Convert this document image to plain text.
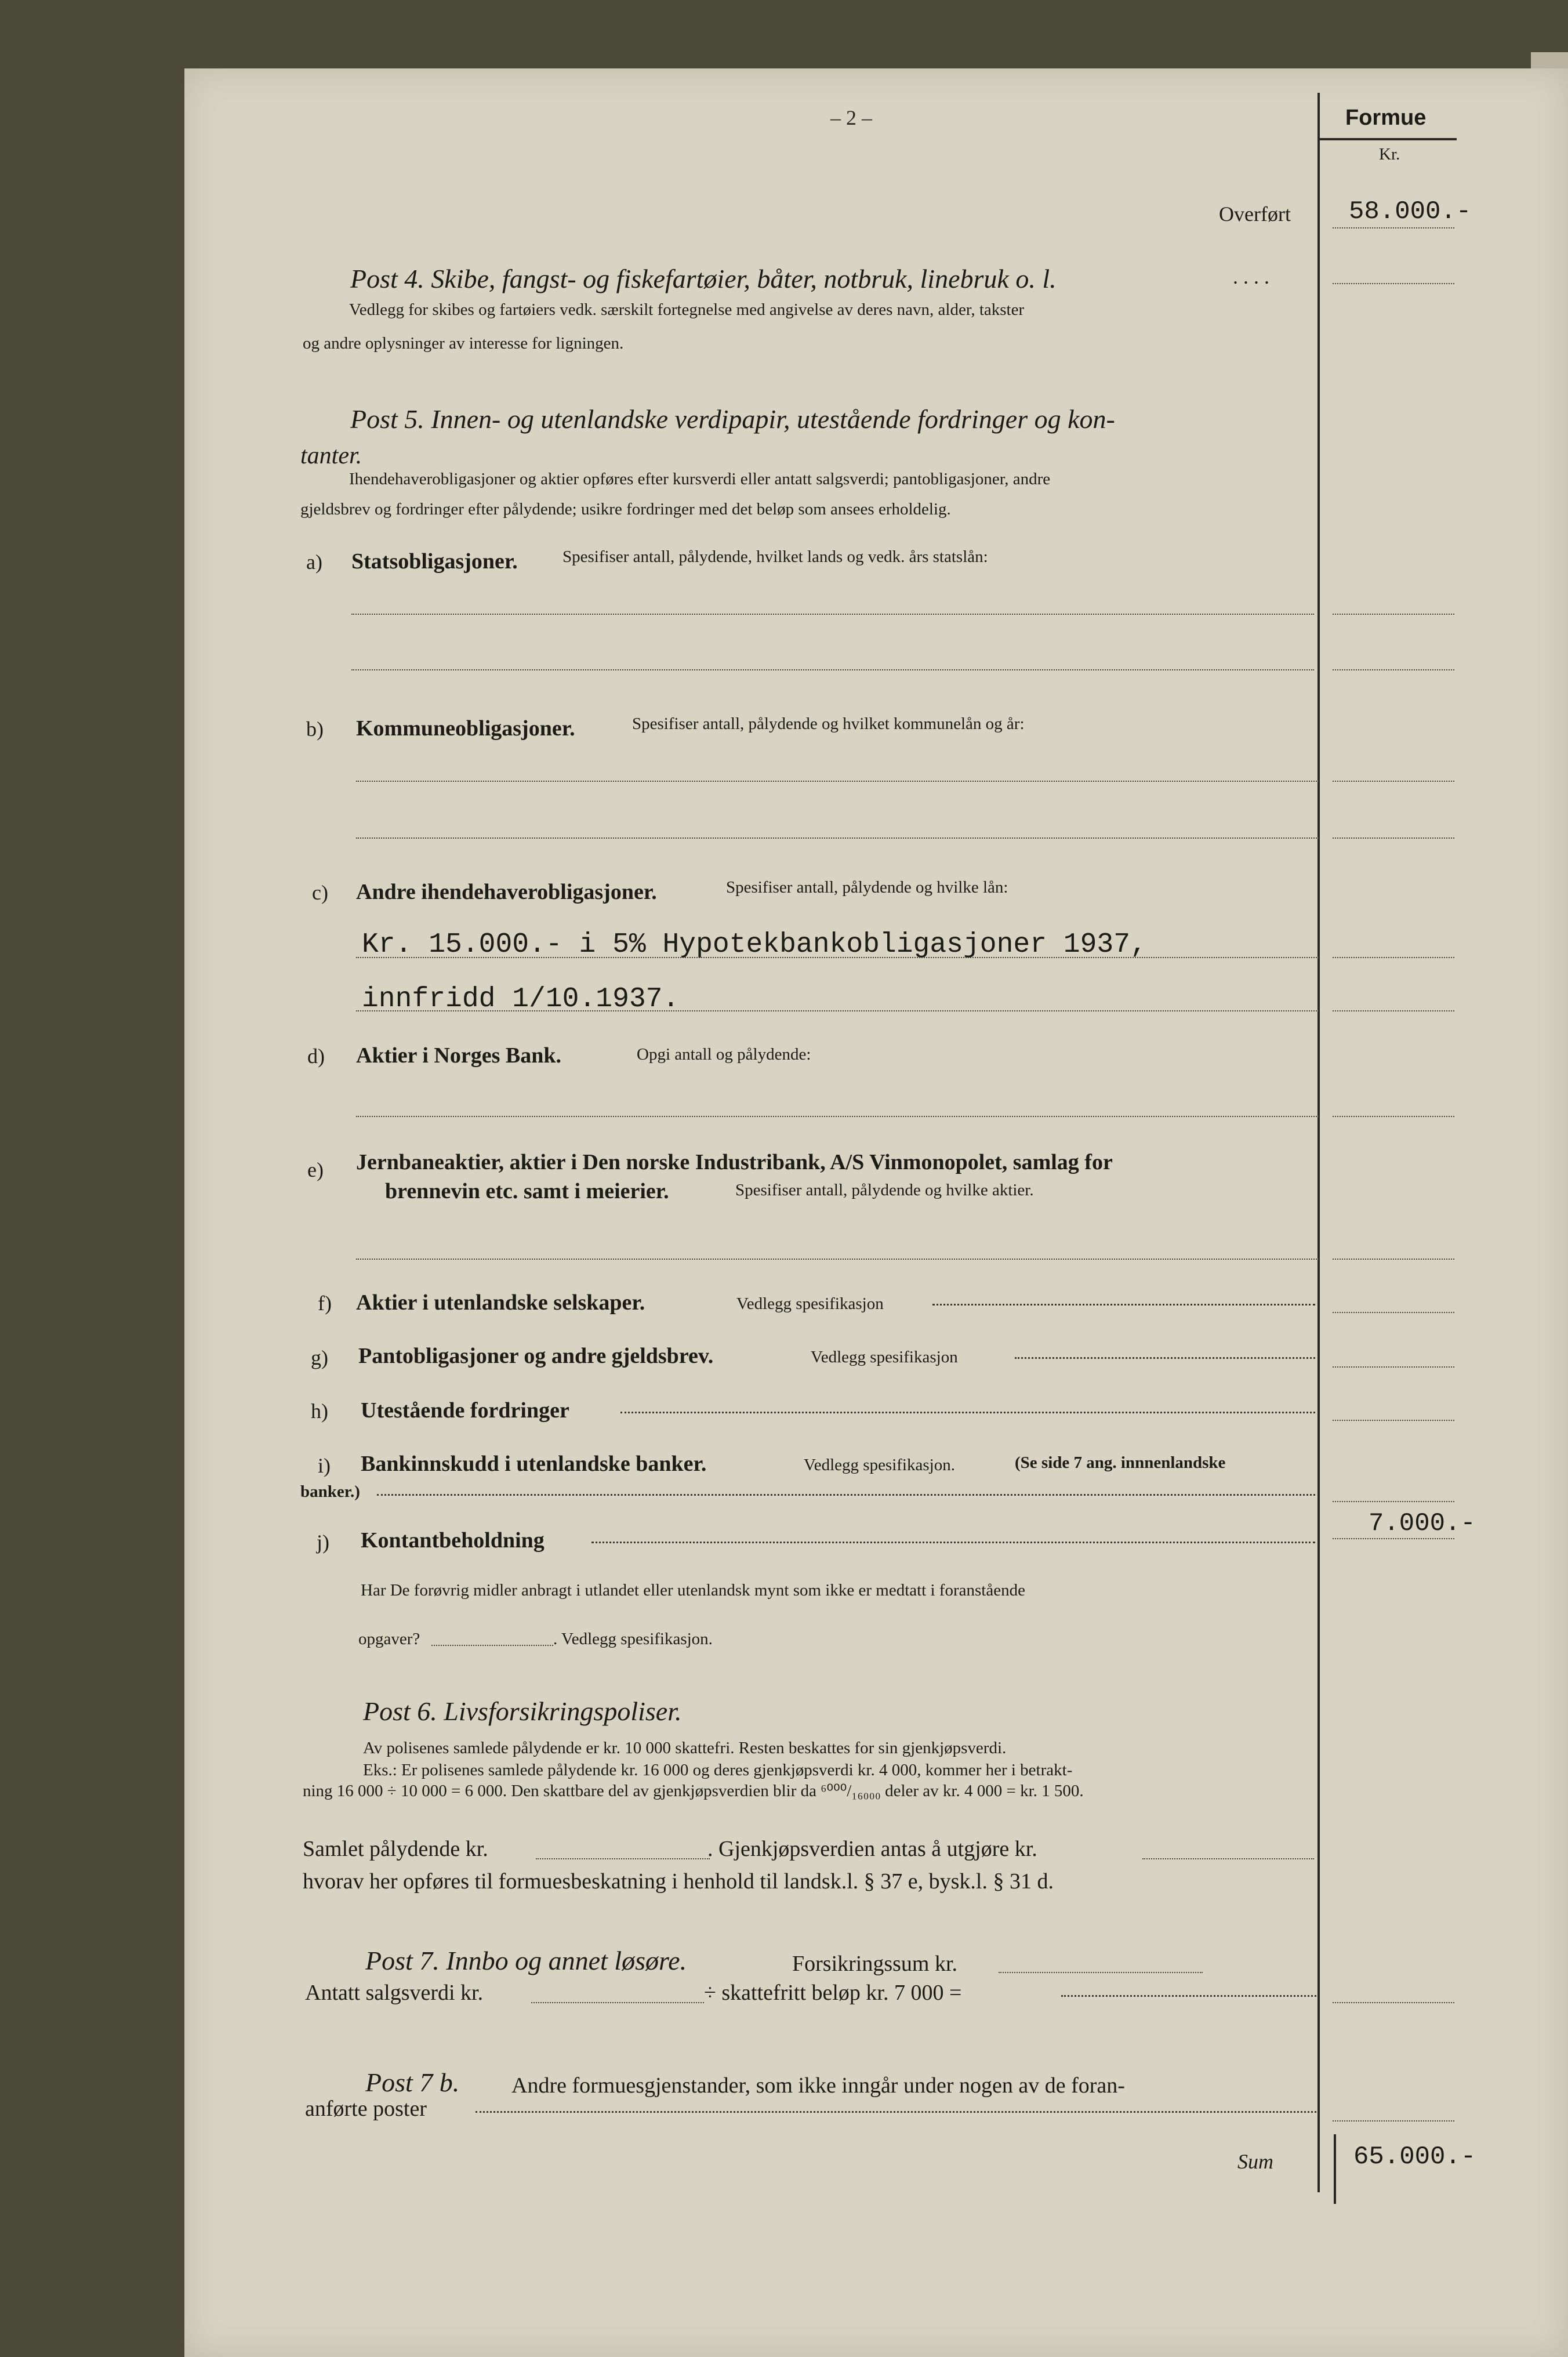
Formue
Kr.
– 2 –
Overført 58.000.-
Post 4. Skibe, fangst- og fiskefartøier, båter, notbruk, linebruk o. l.	. . . .
Vedlegg for skibes og fartøiers vedk. særskilt fortegnelse med angivelse av deres navn, alder, takster
og andre oplysninger av interesse for ligningen.
Post 5. Innen- og utenlandske verdipapir, utestående fordringer og kon-
tanter.
Ihendehaverobligasjoner og aktier opføres efter kursverdi eller antatt salgsverdi; pantobligasjoner, andre
gjeldsbrev og fordringer efter pålydende; usikre fordringer med det beløp som ansees erholdelig.
a) Statsobligasjoner.	Spesifiser antall, pålydende, hvilket lands og vedk. års statslån:
b) Kommuneobligasjoner.	Spesifiser antall, pålydende og hvilket kommunelån og år:
c) Andre ihendehaverobligasjoner.	Spesifiser antall, pålydende og hvilke lån:
Kr. 15.000.- i 5% Hypotekbankobligasjoner 1937,
innfridd 1/10.1937.
d) Aktier i Norges Bank.	Opgi antall og pålydende:
e) Jernbaneaktier, aktier i Den norske Industribank, A/S Vinmonopolet, samlag for
brennevin etc. samt i meierier.	Spesifiser antall, pålydende og hvilke aktier.
f) Aktier i utenlandske selskaper.	Vedlegg spesifikasjon
g) Pantobligasjoner og andre gjeldsbrev.	Vedlegg spesifikasjon
h) Utestående fordringer
i) Bankinnskudd i utenlandske banker.	Vedlegg spesifikasjon.	(Se side 7 ang. innnenlandske
banker.)
j) Kontantbeholdning
7.000.-
Har De forøvrig midler anbragt i utlandet eller utenlandsk mynt som ikke er medtatt i foranstående
opgaver?	. Vedlegg spesifikasjon.
Post 6. Livsforsikringspoliser.
Av polisenes samlede pålydende er kr. 10 000 skattefri. Resten beskattes for sin gjenkjøpsverdi.
Eks.: Er polisenes samlede pålydende kr. 16 000 og deres gjenkjøpsverdi kr. 4 000, kommer her i betrakt-
ning 16 000 ÷ 10 000 = 6 000. Den skattbare del av gjenkjøpsverdien blir da ⁶⁰⁰⁰/₁₆₀₀₀ deler av kr. 4 000 = kr. 1 500.
Samlet pålydende kr.	. Gjenkjøpsverdien antas å utgjøre kr.
hvorav her opføres til formuesbeskatning i henhold til landsk.l. § 37 e, bysk.l. § 31 d.
Post 7. Innbo og annet løsøre.	Forsikringssum kr.
Antatt salgsverdi kr.	÷ skattefritt beløp kr. 7 000 =
Post 7 b. Andre formuesgjenstander, som ikke inngår under nogen av de foran-
anførte poster
Sum	65.000.-
